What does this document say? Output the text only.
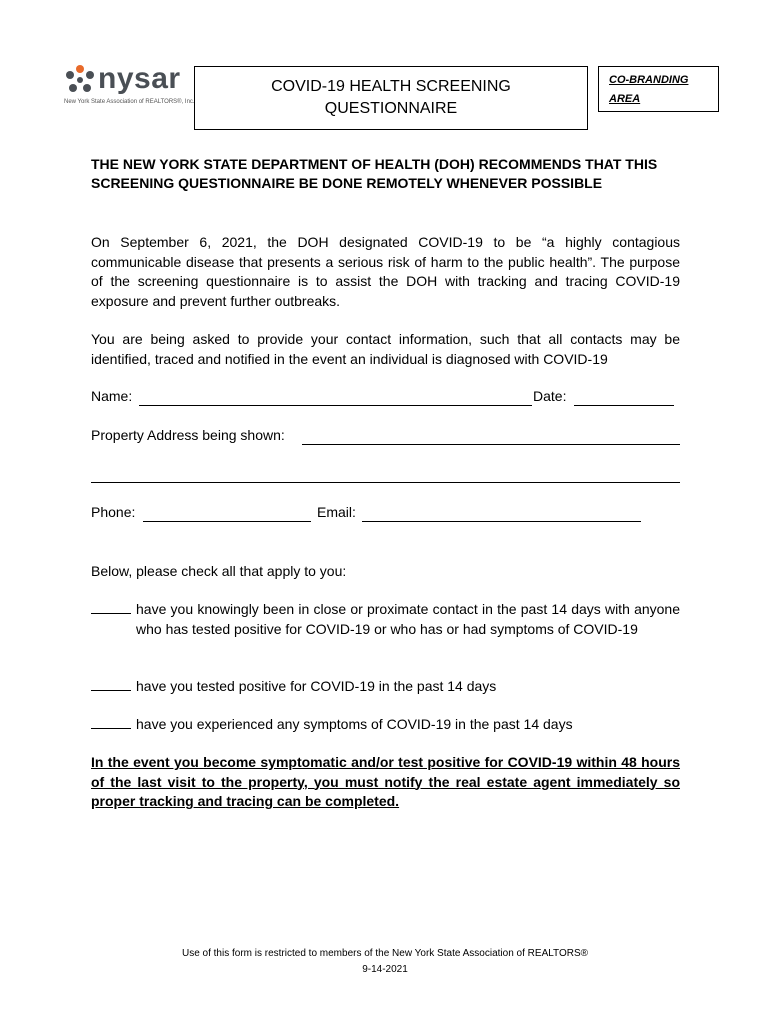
nysar
New York State Association of REALTORS®, Inc.
COVID-19 HEALTH SCREENING
QUESTIONNAIRE
CO-BRANDING
AREA
THE NEW YORK STATE DEPARTMENT OF HEALTH (DOH) RECOMMENDS THAT THIS SCREENING QUESTIONNAIRE BE DONE REMOTELY WHENEVER POSSIBLE
On September 6, 2021, the DOH designated COVID-19 to be “a highly contagious communicable disease that presents a serious risk of harm to the public health”. The purpose of the screening questionnaire is to assist the DOH with tracking and tracing COVID-19 exposure and prevent further outbreaks.
You are being asked to provide your contact information, such that all contacts may be identified, traced and notified in the event an individual is diagnosed with COVID-19
Name:	Date:
Property Address being shown:
Phone:	Email:
Below, please check all that apply to you:
have you knowingly been in close or proximate contact in the past 14 days with anyone who has tested positive for COVID-19 or who has or had symptoms of COVID-19
have you tested positive for COVID-19 in the past 14 days
have you experienced any symptoms of COVID-19 in the past 14 days
In the event you become symptomatic and/or test positive for COVID-19 within 48 hours of the last visit to the property, you must notify the real estate agent immediately so proper tracking and tracing can be completed.
Use of this form is restricted to members of the New York State Association of REALTORS®
9-14-2021
